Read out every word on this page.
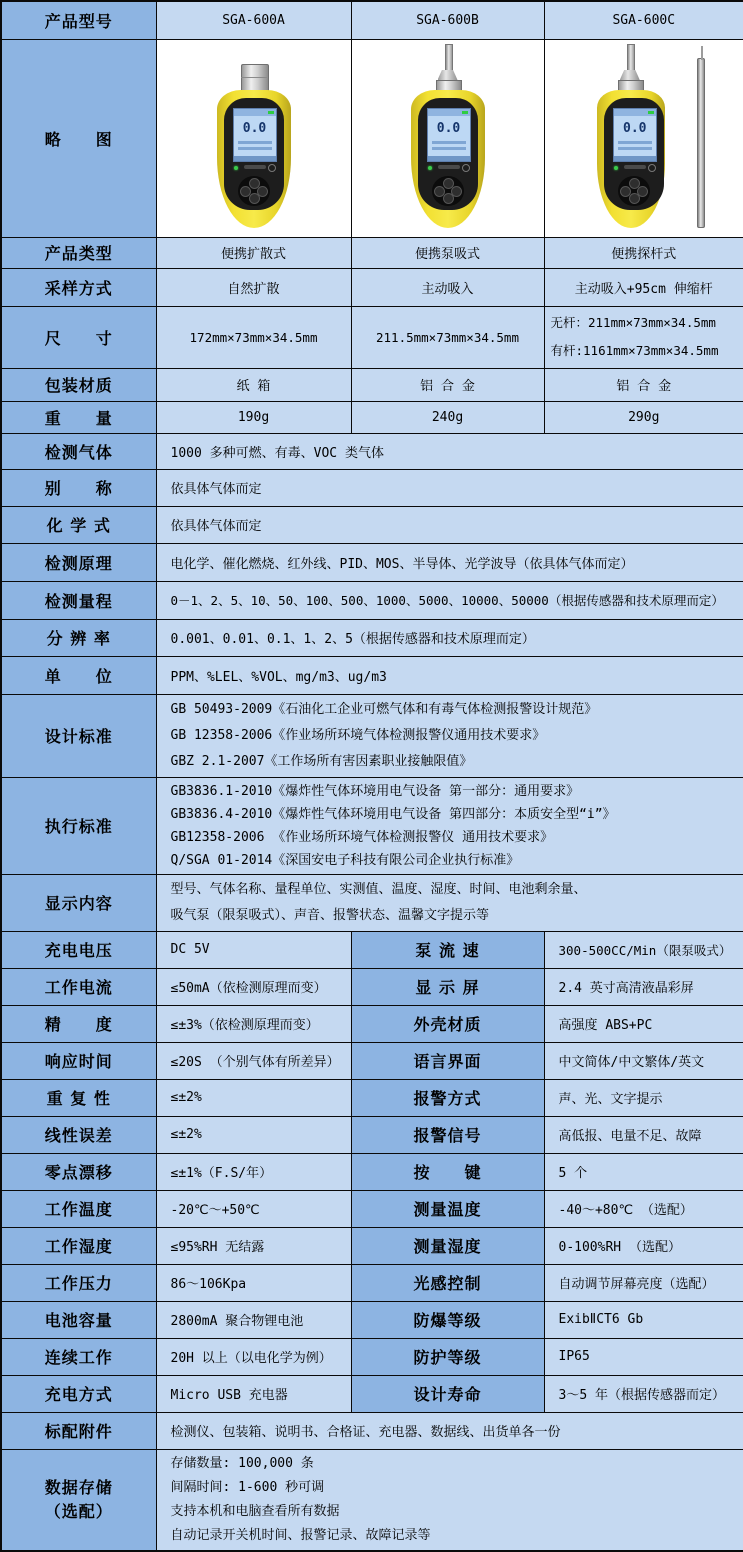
产品型号	SGA-600A	SGA-600B	SGA-600C
略　　图	0.0	0.0	0.0

产品类型	便携扩散式	便携泵吸式	便携探杆式
采样方式	自然扩散	主动吸入	主动吸入+95cm 伸缩杆
尺　　寸	172mm×73mm×34.5mm	211.5mm×73mm×34.5mm	无杆：211mm×73mm×34.5mm
有杆:1161mm×73mm×34.5mm

包装材质	纸 箱	铝 合 金	铝 合 金
重　　量	190g	240g	290g
检测气体	1000 多种可燃、有毒、VOC 类气体		
别　　称	依具体气体而定		
化 学 式	依具体气体而定		
检测原理	电化学、催化燃烧、红外线、PID、MOS、半导体、光学波导（依具体气体而定）		
检测量程	0－1、2、5、10、50、100、500、1000、5000、10000、50000（根据传感器和技术原理而定）		
分 辨 率	0.001、0.01、0.1、1、2、5（根据传感器和技术原理而定）		
单　　位	PPM、%LEL、%VOL、mg/m3、ug/m3		
设计标准	GB 50493-2009《石油化工企业可燃气体和有毒气体检测报警设计规范》
GB 12358-2006《作业场所环境气体检测报警仪通用技术要求》
GBZ 2.1-2007《工作场所有害因素职业接触限值》		

执行标准	GB3836.1-2010《爆炸性气体环境用电气设备 第一部分：通用要求》
GB3836.4-2010《爆炸性气体环境用电气设备 第四部分：本质安全型“i”》
GB12358-2006 《作业场所环境气体检测报警仪 通用技术要求》
Q/SGA 01-2014《深国安电子科技有限公司企业执行标准》		

显示内容	型号、气体名称、量程单位、实测值、温度、湿度、时间、电池剩余量、
吸气泵（限泵吸式）、声音、报警状态、温馨文字提示等		

充电电压	DC 5V	泵 流 速	300-500CC/Min（限泵吸式）
工作电流	≤50mA（依检测原理而变）	显 示 屏	2.4 英寸高清液晶彩屏
精　　度	≤±3%（依检测原理而变）	外壳材质	高强度 ABS+PC
响应时间	≤20S （个别气体有所差异）	语言界面	中文简体/中文繁体/英文
重 复 性	≤±2%	报警方式	声、光、文字提示
线性误差	≤±2%	报警信号	高低报、电量不足、故障
零点漂移	≤±1%（F.S/年）	按　　键	5 个
工作温度	-20℃～+50℃	测量温度	-40～+80℃ （选配）
工作湿度	≤95%RH 无结露	测量湿度	0-100%RH （选配）
工作压力	86～106Kpa	光感控制	自动调节屏幕亮度（选配）
电池容量	2800mA 聚合物锂电池	防爆等级	ExibⅡCT6 Gb
连续工作	20H 以上（以电化学为例）	防护等级	IP65
充电方式	Micro USB 充电器	设计寿命	3～5 年（根据传感器而定）
标配附件	检测仪、包装箱、说明书、合格证、充电器、数据线、出货单各一份		

数据存储
（选配）

存储数量: 100,000 条
间隔时间: 1-600 秒可调
支持本机和电脑查看所有数据
自动记录开关机时间、报警记录、故障记录等
